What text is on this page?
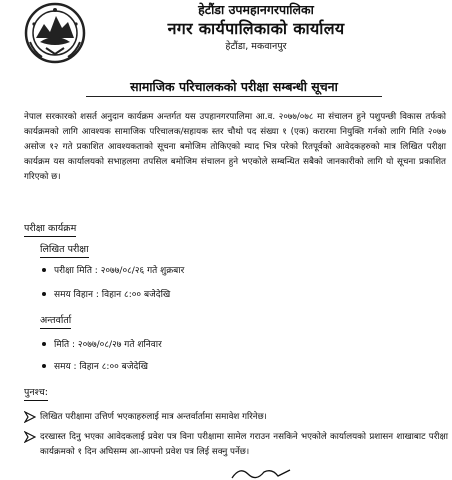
हेटौंडा उपमहानगरपालिका
नगर कार्यपालिकाको कार्यालय
हेटौंडा, मकवानपुर
सामाजिक परिचालकको परीक्षा सम्बन्धी सूचना
नेपाल सरकारको शसर्त अनुदान कार्यक्रम अन्तर्गत यस उपहानगरपालिमा आ.व. २०७७/०७८ मा संचालन हुने पशुपन्छी विकास तर्फको कार्यक्रमको लागि आवश्यक सामाजिक परिचालक/सहायक स्तर चौथो पद संख्या १ (एक) करारमा नियुक्ति गर्नको लागि मिति २०७७ असोज १२ गते प्रकाशित आवश्यकताको सूचना बमोजिम तोकिएको म्याद भित्र परेको रितपूर्वको आवेदकहरुको मात्र लिखित परीक्षा कार्यक्रम यस कार्यालयको सभाहलमा तपसिल बमोजिम संचालन हुने भएकोले सम्बन्धित सबैको जानकारीको लागि यो सूचना प्रकाशित गरिएको छ।
परीक्षा कार्यक्रम
लिखित परीक्षा
परीक्षा मिति : २०७७/०८/२६ गते शुक्रबार
समय विहान : विहान ८:०० बजेदेखि
अन्तर्वार्ता
मिति : २०७७/०८/२७ गते शनिवार
समय : विहान ८:०० बजेदेखि
पुनश्च:
लिखित परीक्षामा उत्तिर्ण भएकाहरुलाई मात्र अन्तर्वार्तामा समावेश गरिनेछ।
दरखास्त दिनु भएका आवेदकलाई प्रवेश पत्र विना परीक्षामा सामेल गराउन नसकिने भएकोले कार्यालयको प्रशासन शाखाबाट परीक्षा कार्यक्रमको १ दिन अघिसम्म आ-आफ्नो प्रवेश पत्र लिई सक्नु पर्नेछ।
